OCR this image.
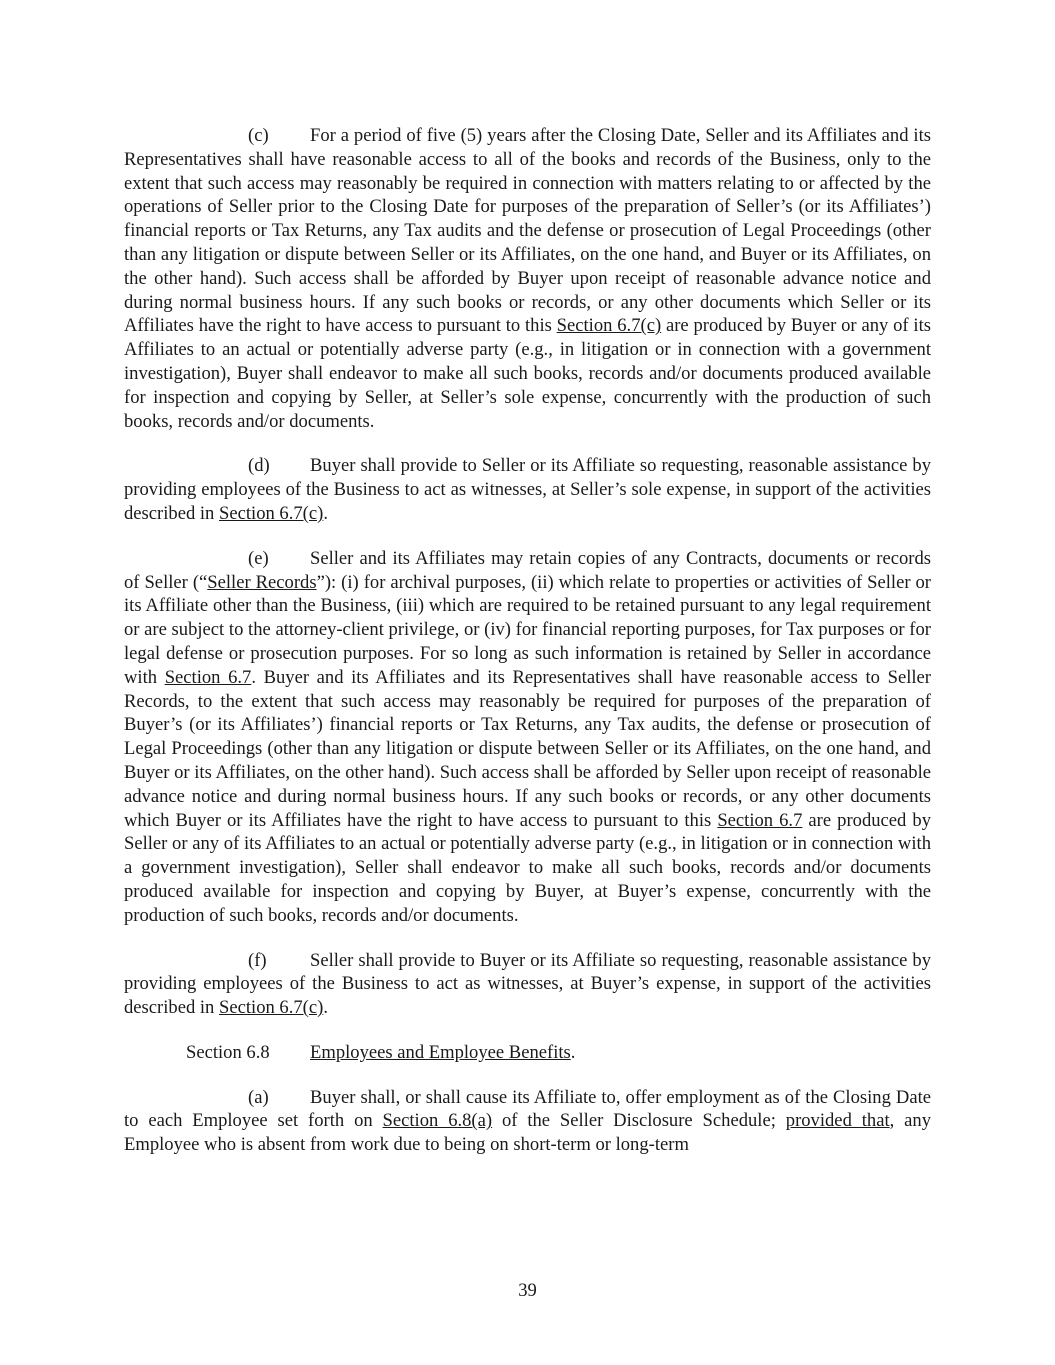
(c) For a period of five (5) years after the Closing Date, Seller and its Affiliates and its Representatives shall have reasonable access to all of the books and records of the Business, only to the extent that such access may reasonably be required in connection with matters relating to or affected by the operations of Seller prior to the Closing Date for purposes of the preparation of Seller’s (or its Affiliates’) financial reports or Tax Returns, any Tax audits and the defense or prosecution of Legal Proceedings (other than any litigation or dispute between Seller or its Affiliates, on the one hand, and Buyer or its Affiliates, on the other hand). Such access shall be afforded by Buyer upon receipt of reasonable advance notice and during normal business hours. If any such books or records, or any other documents which Seller or its Affiliates have the right to have access to pursuant to this Section 6.7(c) are produced by Buyer or any of its Affiliates to an actual or potentially adverse party (e.g., in litigation or in connection with a government investigation), Buyer shall endeavor to make all such books, records and/or documents produced available for inspection and copying by Seller, at Seller’s sole expense, concurrently with the production of such books, records and/or documents.

(d) Buyer shall provide to Seller or its Affiliate so requesting, reasonable assistance by providing employees of the Business to act as witnesses, at Seller’s sole expense, in support of the activities described in Section 6.7(c).

(e) Seller and its Affiliates may retain copies of any Contracts, documents or records of Seller (“Seller Records”): (i) for archival purposes, (ii) which relate to properties or activities of Seller or its Affiliate other than the Business, (iii) which are required to be retained pursuant to any legal requirement or are subject to the attorney-client privilege, or (iv) for financial reporting purposes, for Tax purposes or for legal defense or prosecution purposes. For so long as such information is retained by Seller in accordance with Section 6.7. Buyer and its Affiliates and its Representatives shall have reasonable access to Seller Records, to the extent that such access may reasonably be required for purposes of the preparation of Buyer’s (or its Affiliates’) financial reports or Tax Returns, any Tax audits, the defense or prosecution of Legal Proceedings (other than any litigation or dispute between Seller or its Affiliates, on the one hand, and Buyer or its Affiliates, on the other hand). Such access shall be afforded by Seller upon receipt of reasonable advance notice and during normal business hours. If any such books or records, or any other documents which Buyer or its Affiliates have the right to have access to pursuant to this Section 6.7 are produced by Seller or any of its Affiliates to an actual or potentially adverse party (e.g., in litigation or in connection with a government investigation), Seller shall endeavor to make all such books, records and/or documents produced available for inspection and copying by Buyer, at Buyer’s expense, concurrently with the production of such books, records and/or documents.

(f) Seller shall provide to Buyer or its Affiliate so requesting, reasonable assistance by providing employees of the Business to act as witnesses, at Buyer’s expense, in support of the activities described in Section 6.7(c).

Section 6.8 Employees and Employee Benefits.

(a) Buyer shall, or shall cause its Affiliate to, offer employment as of the Closing Date to each Employee set forth on Section 6.8(a) of the Seller Disclosure Schedule; provided that, any Employee who is absent from work due to being on short-term or long-term

39
